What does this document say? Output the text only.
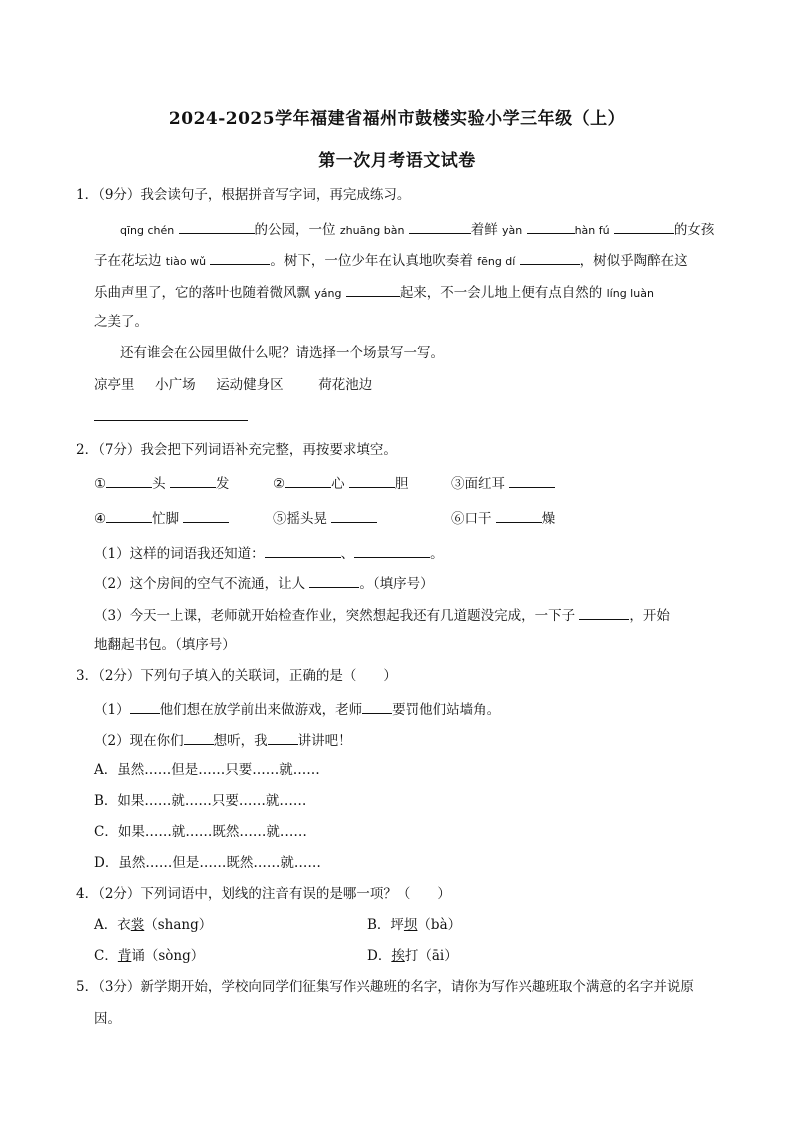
2024-2025学年福建省福州市鼓楼实验小学三年级（上）
第一次月考语文试卷
1．（9分）我会读句子，根据拼音写字词，再完成练习。
qīng chén	的公园，一位 zhuāng bàn	着鲜 yàn	hàn fú	的女孩
子在花坛边 tiào wǔ	。树下，一位少年在认真地吹奏着 fēng dí	，树似乎陶醉在这
乐曲声里了，它的落叶也随着微风飘 yáng	起来，不一会儿地上便有点自然的 líng luàn
之美了。
还有谁会在公园里做什么呢？请选择一个场景写一写。
凉亭里 小广场 运动健身区	荷花池边
2．（7分）我会把下列词语补充完整，再按要求填空。
①	头	发	②	心	胆	③面红耳
④	忙脚	⑤摇头晃	⑥口干	燥
（1）这样的词语我还知道：	、	。
（2）这个房间的空气不流通，让人	。（填序号）
（3）今天一上课，老师就开始检查作业，突然想起我还有几道题没完成，一下子	，开始
地翻起书包。（填序号）
3．（2分）下列句子填入的关联词，正确的是（　　）
（1） 他们想在放学前出来做游戏，老师 要罚他们站墙角。
（2）现在你们 想听，我 讲讲吧！
A．虽然……但是……只要……就……
B．如果……就……只要……就……
C．如果……就……既然……就……
D．虽然……但是……既然……就……
4．（2分）下列词语中，划线的注音有误的是哪一项？（　　）
A．衣裳（shang）	B．坪坝（bà）
C．背诵（sòng）	D．挨打（āi）
5．（3分）新学期开始，学校向同学们征集写作兴趣班的名字，请你为写作兴趣班取个满意的名字并说原
因。
